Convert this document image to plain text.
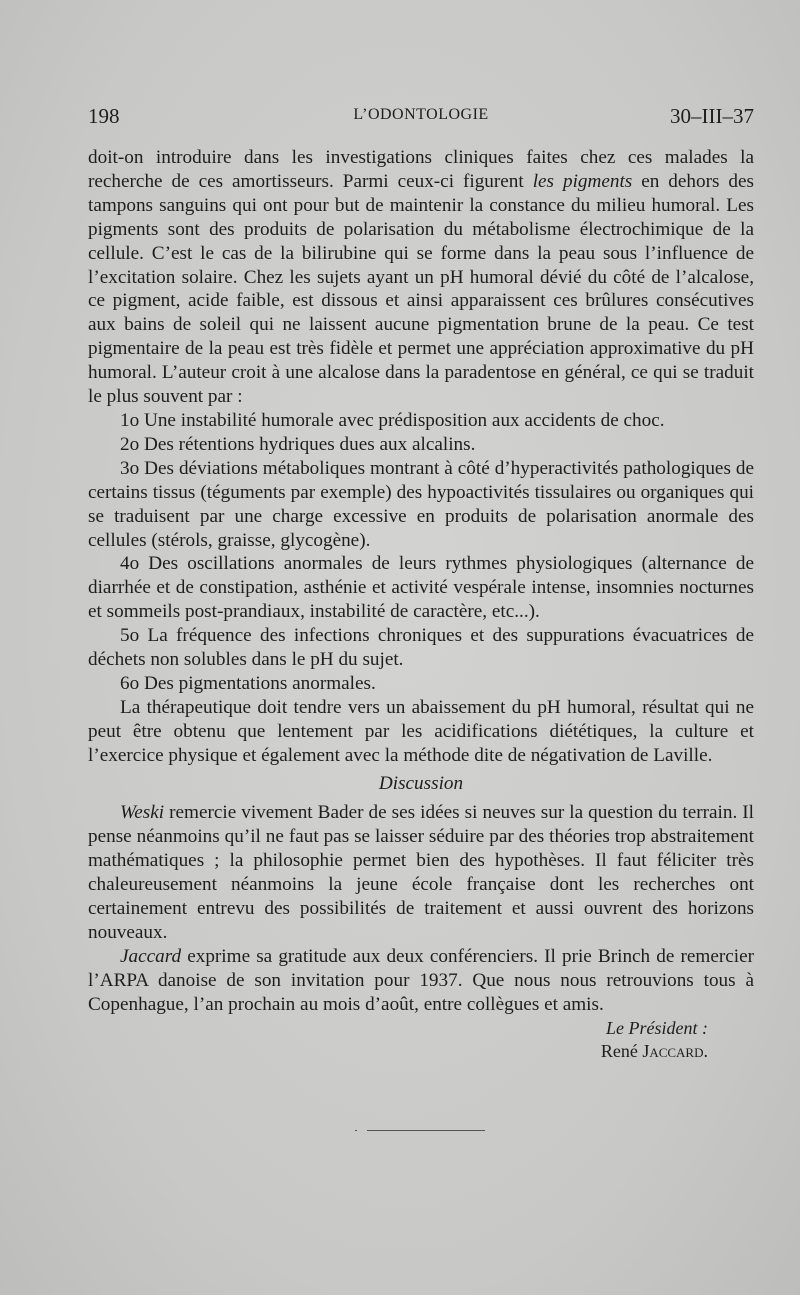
198	L’ODONTOLOGIE	30–III–37

doit-on introduire dans les investigations cliniques faites chez ces malades la recherche de ces amortisseurs. Parmi ceux-ci figurent les pigments en dehors des tampons sanguins qui ont pour but de maintenir la constance du milieu humoral. Les pigments sont des produits de polarisation du métabolisme électrochimique de la cellule. C’est le cas de la bilirubine qui se forme dans la peau sous l’influence de l’excitation solaire. Chez les sujets ayant un pH humoral dévié du côté de l’alcalose, ce pigment, acide faible, est dissous et ainsi apparaissent ces brûlures consécutives aux bains de soleil qui ne laissent aucune pigmentation brune de la peau. Ce test pigmentaire de la peau est très fidèle et permet une appréciation approximative du pH humoral. L’auteur croit à une alcalose dans la paradentose en général, ce qui se traduit le plus souvent par :

1o Une instabilité humorale avec prédisposition aux accidents de choc.

2o Des rétentions hydriques dues aux alcalins.

3o Des déviations métaboliques montrant à côté d’hyperactivités pathologiques de certains tissus (téguments par exemple) des hypoactivités tissulaires ou organiques qui se traduisent par une charge excessive en produits de polarisation anormale des cellules (stérols, graisse, glycogène).

4o Des oscillations anormales de leurs rythmes physiologiques (alternance de diarrhée et de constipation, asthénie et activité vespérale intense, insomnies nocturnes et sommeils post-prandiaux, instabilité de caractère, etc...).

5o La fréquence des infections chroniques et des suppurations évacuatrices de déchets non solubles dans le pH du sujet.

6o Des pigmentations anormales.

La thérapeutique doit tendre vers un abaissement du pH humoral, résultat qui ne peut être obtenu que lentement par les acidifications diététiques, la culture et l’exercice physique et également avec la méthode dite de négativation de Laville.

Discussion

Weski remercie vivement Bader de ses idées si neuves sur la question du terrain. Il pense néanmoins qu’il ne faut pas se laisser séduire par des théories trop abstraitement mathématiques ; la philosophie permet bien des hypothèses. Il faut féliciter très chaleureusement néanmoins la jeune école française dont les recherches ont certainement entrevu des possibilités de traitement et aussi ouvrent des horizons nouveaux.

Jaccard exprime sa gratitude aux deux conférenciers. Il prie Brinch de remercier l’ARPA danoise de son invitation pour 1937. Que nous nous retrouvions tous à Copenhague, l’an prochain au mois d’août, entre collègues et amis.

Le Président :
René Jaccard.
